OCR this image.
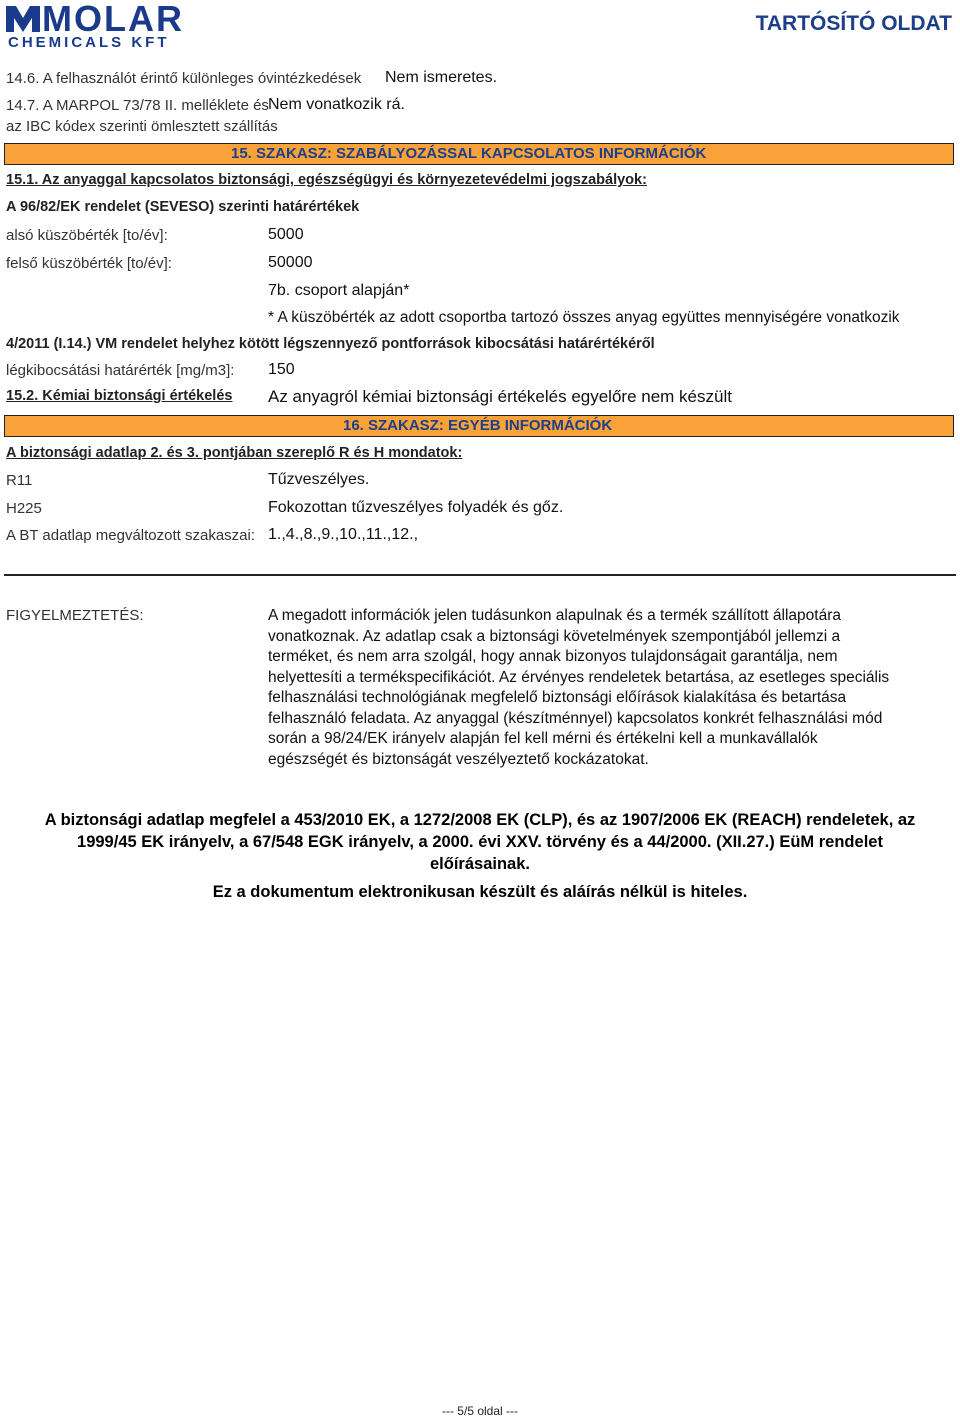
MOLAR
CHEMICALS KFT
TARTÓSÍTÓ OLDAT
14.6. A felhasználót érintő különleges óvintézkedések Nem ismeretes.
14.7. A MARPOL 73/78 II. melléklete és
az IBC kódex szerinti ömlesztett szállítás
Nem vonatkozik rá.
15. SZAKASZ: SZABÁLYOZÁSSAL KAPCSOLATOS INFORMÁCIÓK
15.1. Az anyaggal kapcsolatos biztonsági, egészségügyi és környezetevédelmi jogszabályok:
A 96/82/EK rendelet (SEVESO) szerinti határértékek
alsó küszöbérték [to/év]:	5000
felső küszöbérték [to/év]:	50000
7b. csoport alapján*
* A küszöbérték az adott csoportba tartozó összes anyag együttes mennyiségére vonatkozik
4/2011 (I.14.) VM rendelet helyhez kötött légszennyező pontforrások kibocsátási határértékéről
légkibocsátási határérték [mg/m3]: 150
15.2. Kémiai biztonsági értékelés Az anyagról kémiai biztonsági értékelés egyelőre nem készült
16. SZAKASZ: EGYÉB INFORMÁCIÓK
A biztonsági adatlap 2. és 3. pontjában szereplő R és H mondatok:
R11	Tűzveszélyes.
H225	Fokozottan tűzveszélyes folyadék és gőz.
A BT adatlap megváltozott szakaszai: 1.,4.,8.,9.,10.,11.,12.,
FIGYELMEZTETÉS:	A megadott információk jelen tudásunkon alapulnak és a termék szállított állapotára
vonatkoznak. Az adatlap csak a biztonsági követelmények szempontjából jellemzi a
terméket, és nem arra szolgál, hogy annak bizonyos tulajdonságait garantálja, nem
helyettesíti a termékspecifikációt. Az érvényes rendeletek betartása, az esetleges speciális
felhasználási technológiának megfelelő biztonsági előírások kialakítása és betartása
felhasználó feladata. Az anyaggal (készítménnyel) kapcsolatos konkrét felhasználási mód
során a 98/24/EK irányelv alapján fel kell mérni és értékelni kell a munkavállalók
egészségét és biztonságát veszélyeztető kockázatokat.
A biztonsági adatlap megfelel a 453/2010 EK, a 1272/2008 EK (CLP), és az 1907/2006 EK (REACH) rendeletek, az
1999/45 EK irányelv, a 67/548 EGK irányelv, a 2000. évi XXV. törvény és a 44/2000. (XII.27.) EüM rendelet
előírásainak.
Ez a dokumentum elektronikusan készült és aláírás nélkül is hiteles.
--- 5/5 oldal ---
